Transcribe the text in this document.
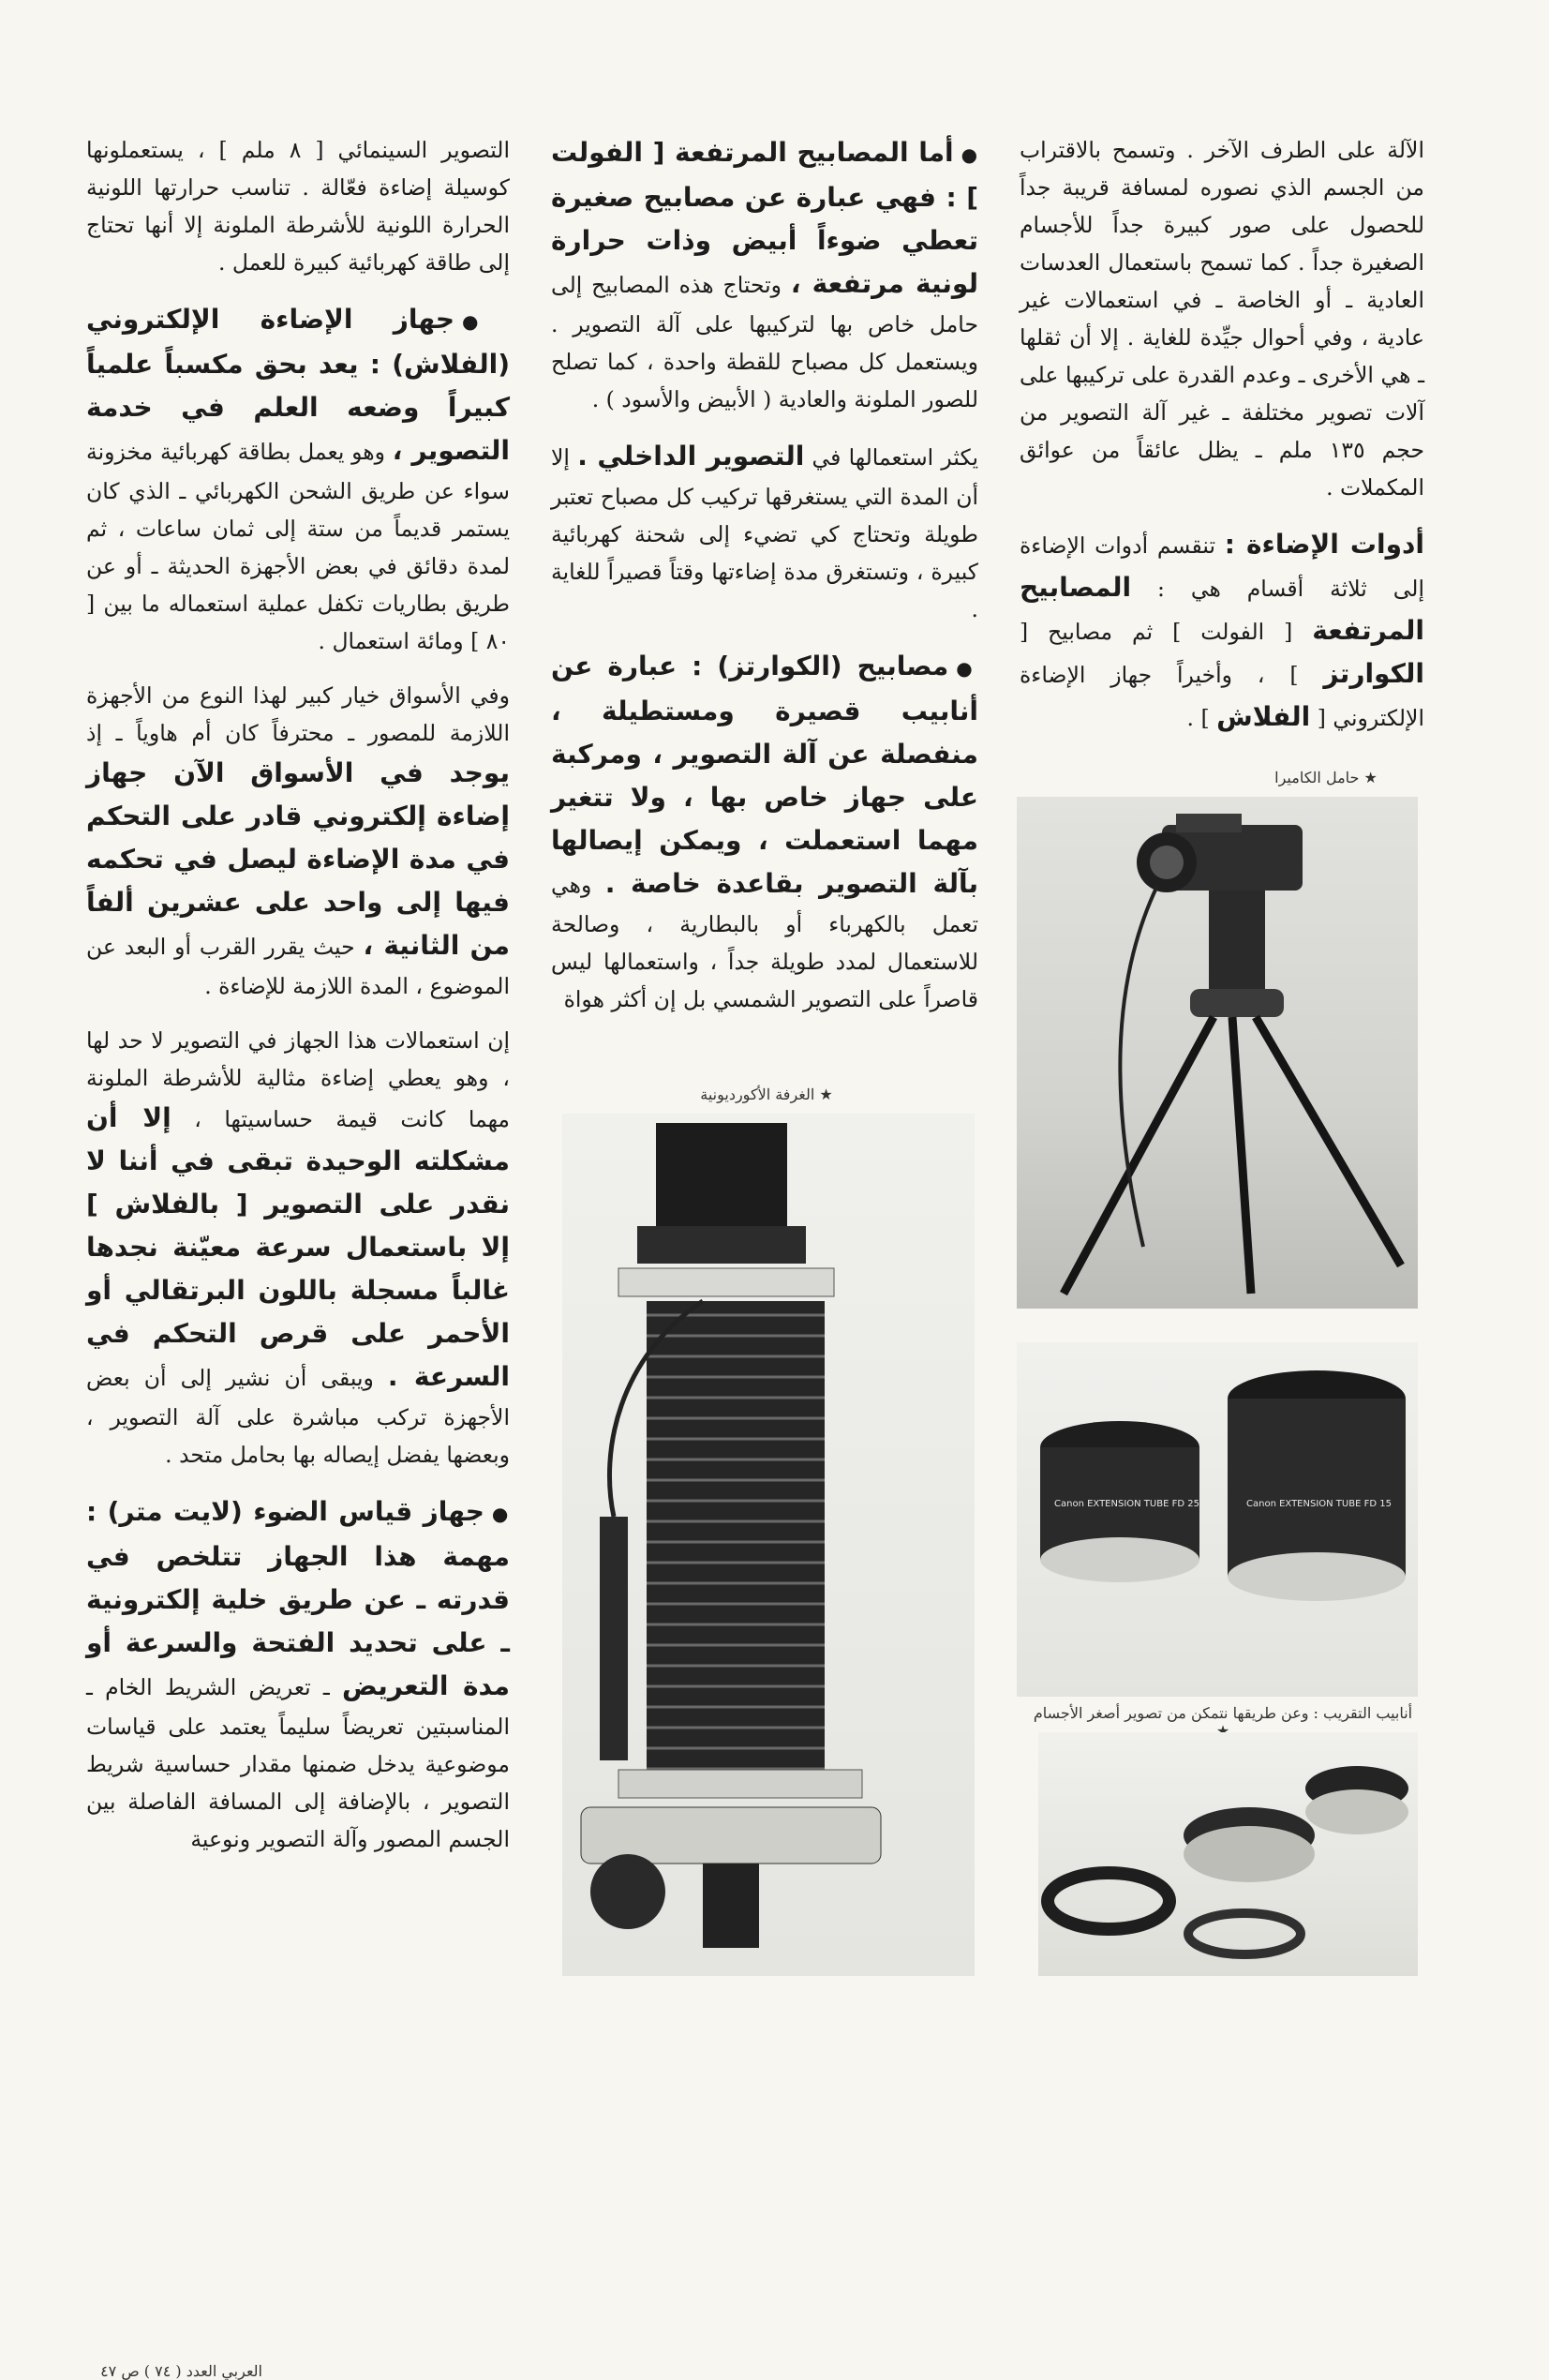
الآلة على الطرف الآخر . وتسمح بالاقتراب من الجسم الذي نصوره لمسافة قريبة جداً للحصول على صور كبيرة جداً للأجسام الصغيرة جداً . كما تسمح باستعمال العدسات العادية ـ أو الخاصة ـ في استعمالات غير عادية ، وفي أحوال جيِّدة للغاية . إلا أن ثقلها ـ هي الأخرى ـ وعدم القدرة على تركيبها على آلات تصوير مختلفة ـ غير آلة التصوير من حجم ١٣٥ ملم ـ يظل عائقاً من عوائق المكملات .

أدوات الإضاءة : تنقسم أدوات الإضاءة إلى ثلاثة أقسام هي : المصابيح المرتفعة [ الفولت ] ثم مصابيح [ الكوارتز ] ، وأخيراً جهاز الإضاءة الإلكتروني [ الفلاش ] .

● أما المصابيح المرتفعة [ الفولت ] : فهي عبارة عن مصابيح صغيرة تعطي ضوءاً أبيض وذات حرارة لونية مرتفعة ، وتحتاج هذه المصابيح إلى حامل خاص بها لتركيبها على آلة التصوير . ويستعمل كل مصباح للقطة واحدة ، كما تصلح للصور الملونة والعادية ( الأبيض والأسود ) .

يكثر استعمالها في التصوير الداخلي . إلا أن المدة التي يستغرقها تركيب كل مصباح تعتبر طويلة وتحتاج كي تضيء إلى شحنة كهربائية كبيرة ، وتستغرق مدة إضاءتها وقتاً قصيراً للغاية .

● مصابيح (الكوارتز) : عبارة عن أنابيب قصيرة ومستطيلة ، منفصلة عن آلة التصوير ، ومركبة على جهاز خاص بها ، ولا تتغير مهما استعملت ، ويمكن إيصالها بآلة التصوير بقاعدة خاصة . وهي تعمل بالكهرباء أو بالبطارية ، وصالحة للاستعمال لمدد طويلة جداً ، واستعمالها ليس قاصراً على التصوير الشمسي بل إن أكثر هواة

التصوير السينمائي [ ٨ ملم ] ، يستعملونها كوسيلة إضاءة فعّالة . تناسب حرارتها اللونية الحرارة اللونية للأشرطة الملونة إلا أنها تحتاج إلى طاقة كهربائية كبيرة للعمل .

● جهاز الإضاءة الإلكتروني (الفلاش) : يعد بحق مكسباً علمياً كبيراً وضعه العلم في خدمة التصوير ، وهو يعمل بطاقة كهربائية مخزونة سواء عن طريق الشحن الكهربائي ـ الذي كان يستمر قديماً من ستة إلى ثمان ساعات ، ثم لمدة دقائق في بعض الأجهزة الحديثة ـ أو عن طريق بطاريات تكفل عملية استعماله ما بين [ ٨٠ ] ومائة استعمال .

وفي الأسواق خيار كبير لهذا النوع من الأجهزة اللازمة للمصور ـ محترفاً كان أم هاوياً ـ إذ يوجد في الأسواق الآن جهاز إضاءة إلكتروني قادر على التحكم في مدة الإضاءة ليصل في تحكمه فيها إلى واحد على عشرين ألفاً من الثانية ، حيث يقرر القرب أو البعد عن الموضوع ، المدة اللازمة للإضاءة .

إن استعمالات هذا الجهاز في التصوير لا حد لها ، وهو يعطي إضاءة مثالية للأشرطة الملونة مهما كانت قيمة حساسيتها ، إلا أن مشكلته الوحيدة تبقى في أننا لا نقدر على التصوير [ بالفلاش ] إلا باستعمال سرعة معيّنة نجدها غالباً مسجلة باللون البرتقالي أو الأحمر على قرص التحكم في السرعة . ويبقى أن نشير إلى أن بعض الأجهزة تركب مباشرة على آلة التصوير ، وبعضها يفضل إيصاله بها بحامل متحد .

● جهاز قياس الضوء (لايت متر) : مهمة هذا الجهاز تتلخص في قدرته ـ عن طريق خلية إلكترونية ـ على تحديد الفتحة والسرعة أو مدة التعريض ـ تعريض الشريط الخام ـ المناسبتين تعريضاً سليماً يعتمد على قياسات موضوعية يدخل ضمنها مقدار حساسية شريط التصوير ، بالإضافة إلى المسافة الفاصلة بين الجسم المصور وآلة التصوير ونوعية

★ حامل الكاميرا
Canon EXTENSION TUBE FD 25	Canon EXTENSION TUBE FD 15
أنابيب التقريب : وعن طريقها نتمكن من تصوير أصغر الأجسام ★
★ الغرفة الأكورديونية
العربي العدد ( ٧٤ ) ص ٤٧
